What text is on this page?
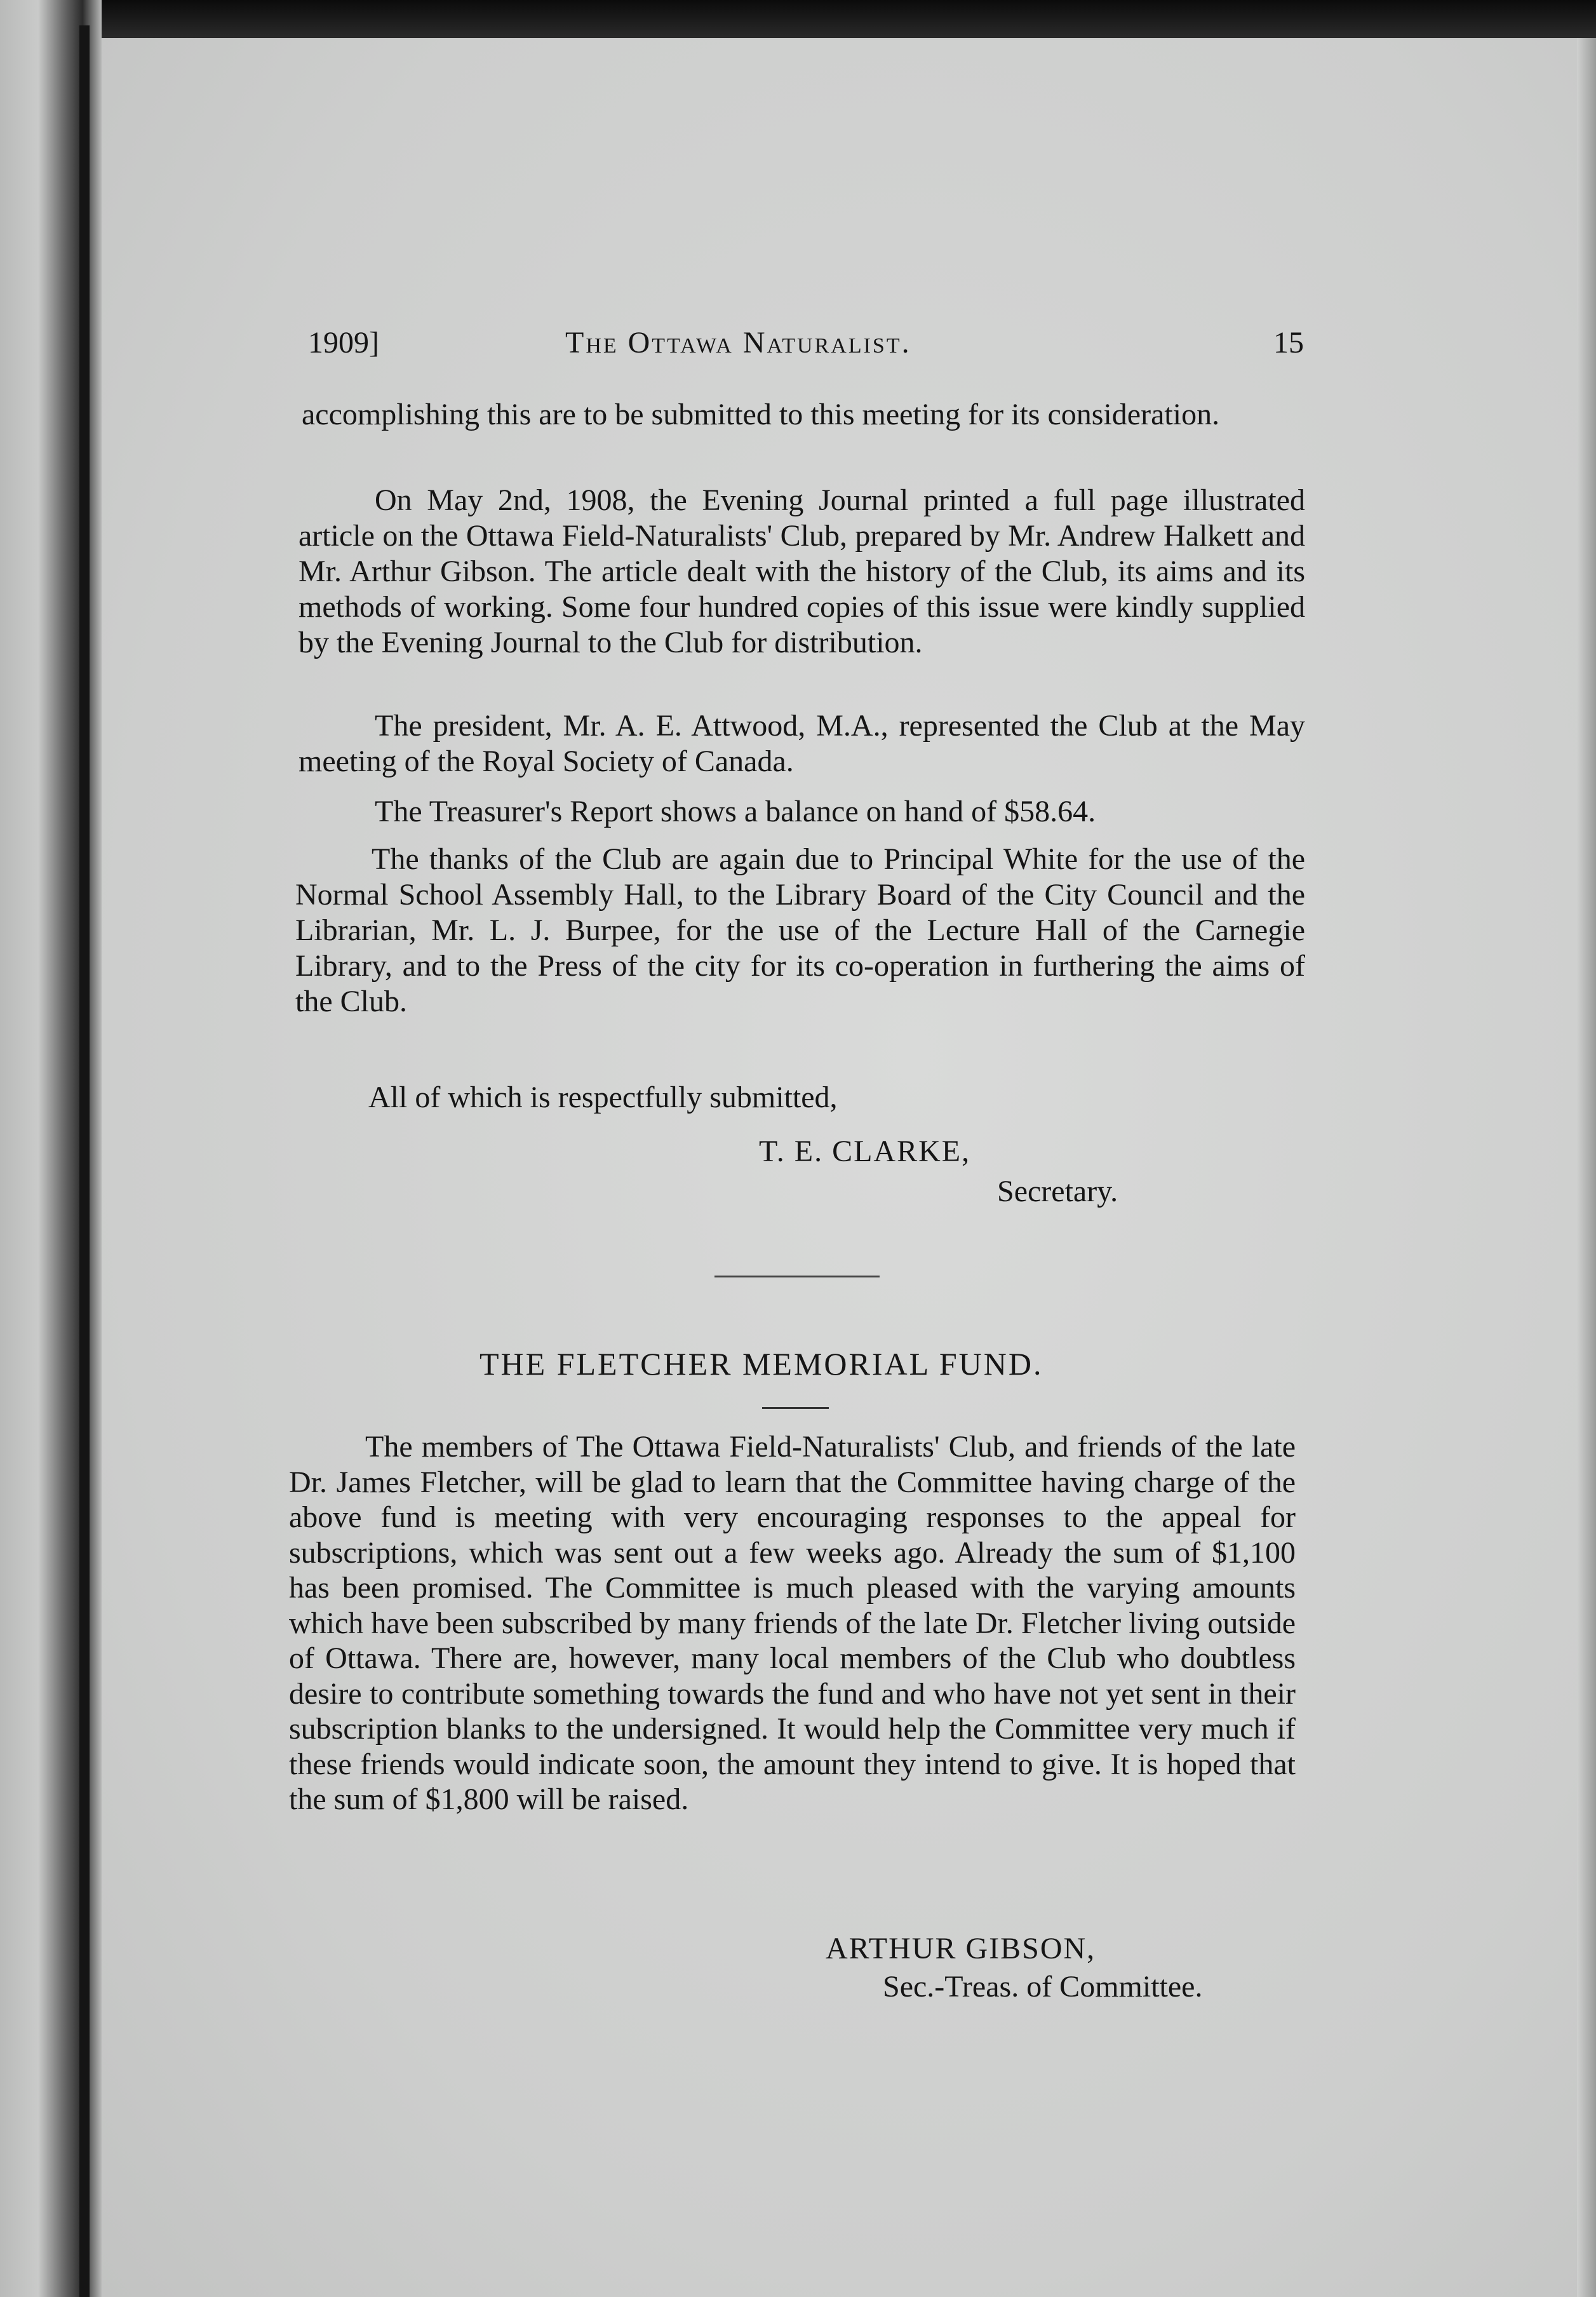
1909]	The Ottawa Naturalist.	15
accomplishing this are to be submitted to this meeting for its consideration.
On May 2nd, 1908, the Evening Journal printed a full page illustrated article on the Ottawa Field-Naturalists' Club, prepared by Mr. Andrew Halkett and Mr. Arthur Gibson. The article dealt with the history of the Club, its aims and its methods of working. Some four hundred copies of this issue were kindly supplied by the Evening Journal to the Club for distribution.
The president, Mr. A. E. Attwood, M.A., represented the Club at the May meeting of the Royal Society of Canada.
The Treasurer's Report shows a balance on hand of $58.64.
The thanks of the Club are again due to Principal White for the use of the Normal School Assembly Hall, to the Library Board of the City Council and the Librarian, Mr. L. J. Burpee, for the use of the Lecture Hall of the Carnegie Library, and to the Press of the city for its co-operation in furthering the aims of the Club.
All of which is respectfully submitted,
T. E. CLARKE,
Secretary.
THE FLETCHER MEMORIAL FUND.
The members of The Ottawa Field-Naturalists' Club, and friends of the late Dr. James Fletcher, will be glad to learn that the Committee having charge of the above fund is meeting with very encouraging responses to the appeal for subscriptions, which was sent out a few weeks ago. Already the sum of $1,100 has been promised. The Committee is much pleased with the varying amounts which have been subscribed by many friends of the late Dr. Fletcher living outside of Ottawa. There are, however, many local members of the Club who doubtless desire to contribute something towards the fund and who have not yet sent in their subscription blanks to the undersigned. It would help the Committee very much if these friends would indicate soon, the amount they intend to give. It is hoped that the sum of $1,800 will be raised.
ARTHUR GIBSON,
Sec.-Treas. of Committee.
